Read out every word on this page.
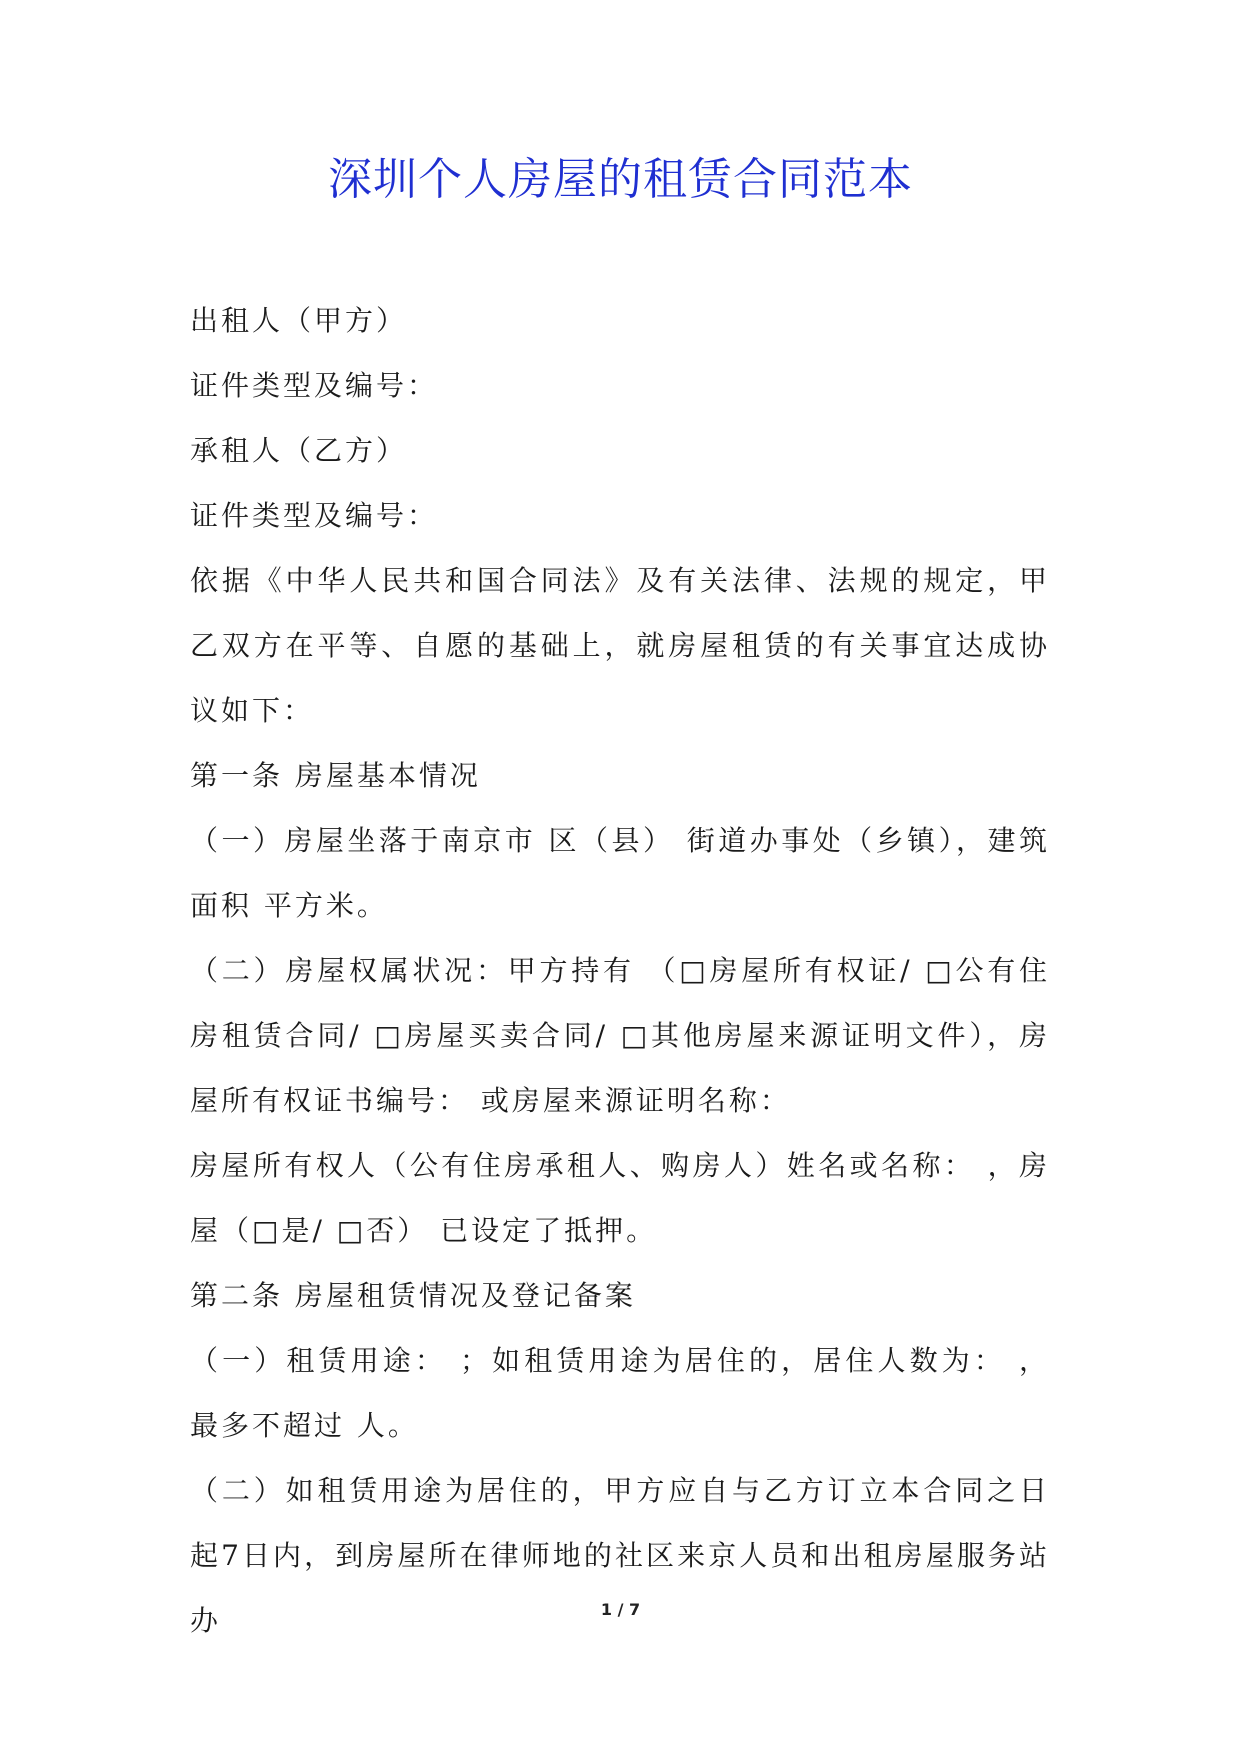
深圳个人房屋的租赁合同范本

出租人（甲方）

证件类型及编号：

承租人（乙方）

证件类型及编号：

依据《中华人民共和国合同法》及有关法律、法规的规定，甲乙双方在平等、自愿的基础上，就房屋租赁的有关事宜达成协议如下：

第一条 房屋基本情况

（一）房屋坐落于南京市 区（县） 街道办事处（乡镇），建筑面积 平方米。

（二）房屋权属状况：甲方持有 （□房屋所有权证/ □公有住房租赁合同/ □房屋买卖合同/ □其他房屋来源证明文件），房屋所有权证书编号： 或房屋来源证明名称：

房屋所有权人（公有住房承租人、购房人）姓名或名称： ，房屋（□是/ □否） 已设定了抵押。

第二条 房屋租赁情况及登记备案

（一）租赁用途： ；如租赁用途为居住的，居住人数为： ，最多不超过 人。

（二）如租赁用途为居住的，甲方应自与乙方订立本合同之日起7日内，到房屋所在律师地的社区来京人员和出租房屋服务站办	1 / 7
